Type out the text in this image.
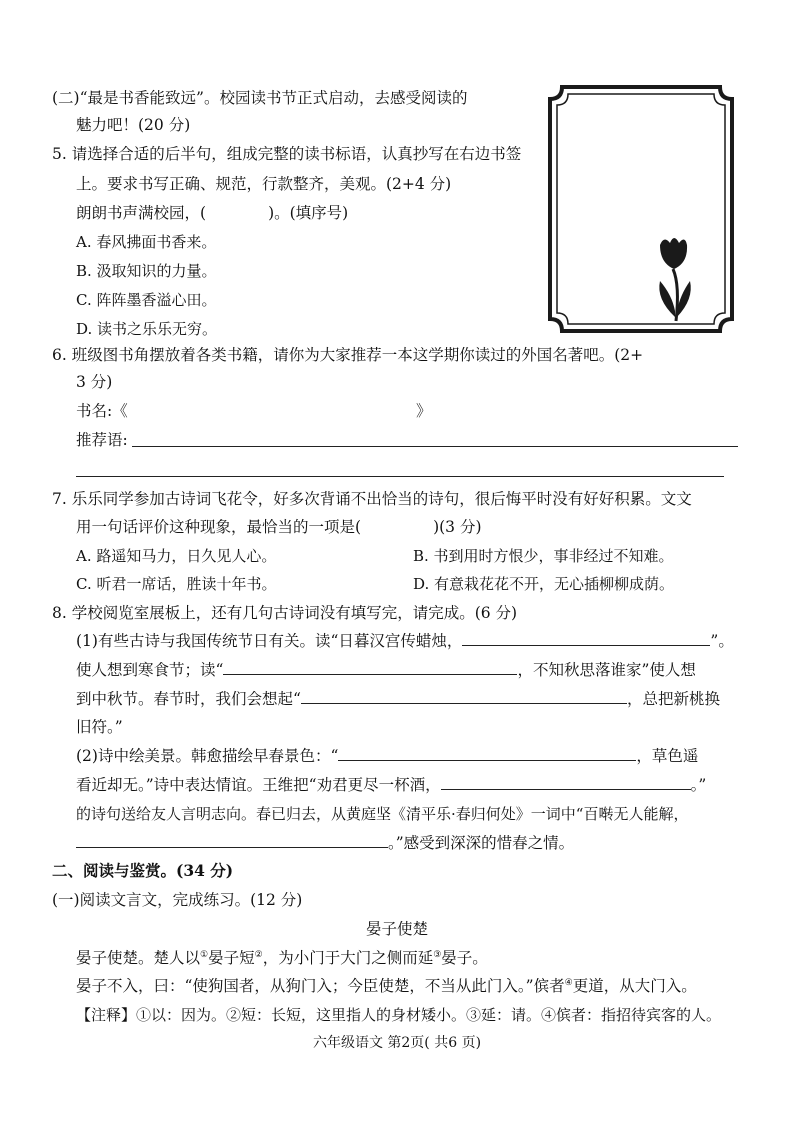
(二)“最是书香能致远”。校园读书节正式启动，去感受阅读的
魅力吧！(20 分)
5. 请选择合适的后半句，组成完整的读书标语，认真抄写在右边书签
上。要求书写正确、规范，行款整齐，美观。(2+4 分)
朗朗书声满校园，(	)。(填序号)
A. 春风拂面书香来。
B. 汲取知识的力量。
C. 阵阵墨香溢心田。
D. 读书之乐乐无穷。
6. 班级图书角摆放着各类书籍，请你为大家推荐一本这学期你读过的外国名著吧。(2+
3 分)
书名:《	》
推荐语:
7. 乐乐同学参加古诗词飞花令，好多次背诵不出恰当的诗句，很后悔平时没有好好积累。文文
用一句话评价这种现象，最恰当的一项是(	)(3 分)
A. 路遥知马力，日久见人心。	B. 书到用时方恨少，事非经过不知难。
C. 听君一席话，胜读十年书。	D. 有意栽花花不开，无心插柳柳成荫。
8. 学校阅览室展板上，还有几句古诗词没有填写完，请完成。(6 分)
(1)有些古诗与我国传统节日有关。读“日暮汉宫传蜡烛，	”。
使人想到寒食节；读“	，不知秋思落谁家”使人想
到中秋节。春节时，我们会想起“	，总把新桃换
旧符。”
(2)诗中绘美景。韩愈描绘早春景色：“	，草色遥
看近却无。”诗中表达情谊。王维把“劝君更尽一杯酒，	。”
的诗句送给友人言明志向。春已归去，从黄庭坚《清平乐·春归何处》一词中“百啭无人能解，
。”感受到深深的惜春之情。
二、阅读与鉴赏。(34 分)
(一)阅读文言文，完成练习。(12 分)
晏子使楚
晏子使楚。楚人以①晏子短②，为小门于大门之侧而延③晏子。
晏子不入，曰：“使狗国者，从狗门入；今臣使楚，不当从此门入。”傧者④更道，从大门入。
【注释】①以：因为。②短：长短，这里指人的身材矮小。③延：请。④傧者：指招待宾客的人。
六年级语文 第2页( 共6 页)
